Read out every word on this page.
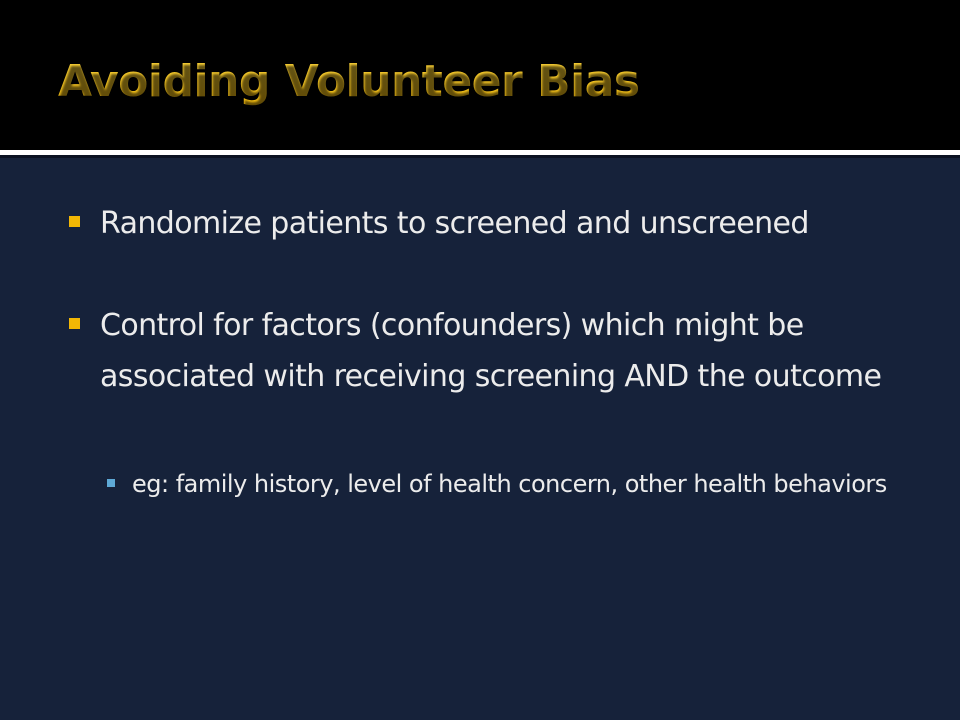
Avoiding Volunteer Bias
Randomize patients to screened and unscreened
Control for factors (confounders) which might be associated with receiving screening AND the outcome
eg: family history, level of health concern, other health behaviors
